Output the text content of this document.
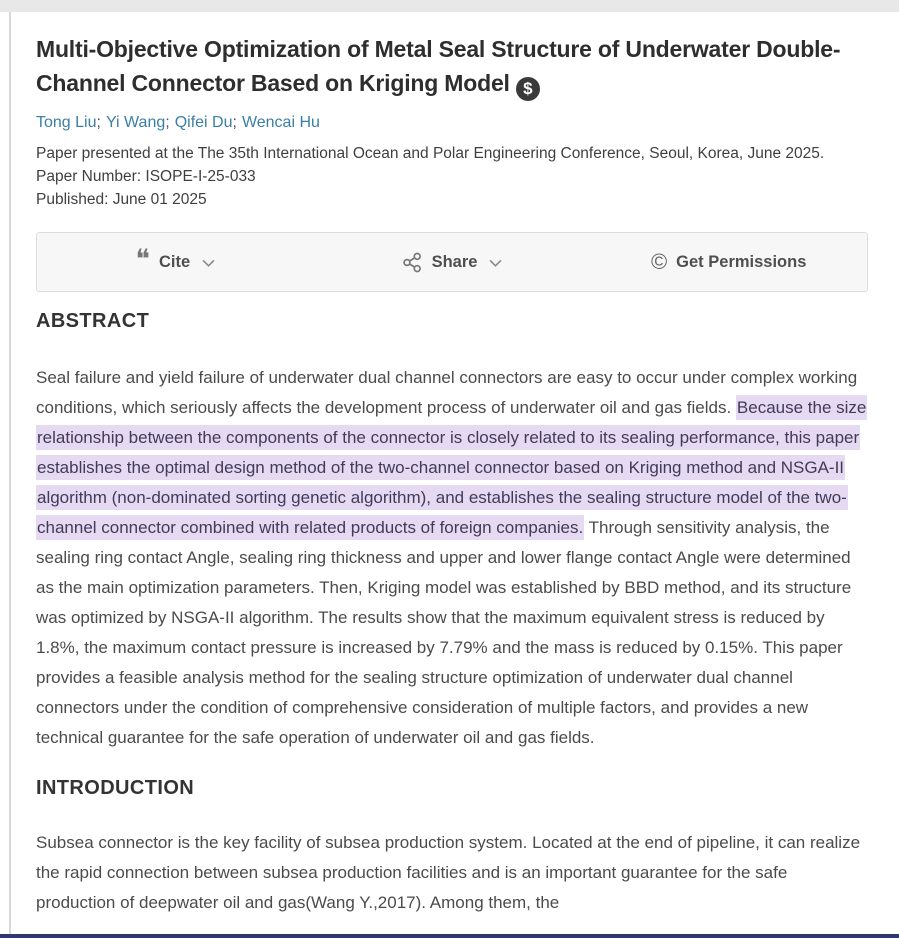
Multi-Objective Optimization of Metal Seal Structure of Underwater Double-Channel Connector Based on Kriging Model $
Tong Liu; Yi Wang; Qifei Du; Wencai Hu
Paper presented at the The 35th International Ocean and Polar Engineering Conference, Seoul, Korea, June 2025.
Paper Number: ISOPE-I-25-033
Published: June 01 2025
❝ Cite	Share	© Get Permissions
ABSTRACT

Seal failure and yield failure of underwater dual channel connectors are easy to occur under complex working conditions, which seriously affects the development process of underwater oil and gas fields. Because the size relationship between the components of the connector is closely related to its sealing performance, this paper establishes the optimal design method of the two-channel connector based on Kriging method and NSGA-II algorithm (non-dominated sorting genetic algorithm), and establishes the sealing structure model of the two-channel connector combined with related products of foreign companies. Through sensitivity analysis, the sealing ring contact Angle, sealing ring thickness and upper and lower flange contact Angle were determined as the main optimization parameters. Then, Kriging model was established by BBD method, and its structure was optimized by NSGA-II algorithm. The results show that the maximum equivalent stress is reduced by 1.8%, the maximum contact pressure is increased by 7.79% and the mass is reduced by 0.15%. This paper provides a feasible analysis method for the sealing structure optimization of underwater dual channel connectors under the condition of comprehensive consideration of multiple factors, and provides a new technical guarantee for the safe operation of underwater oil and gas fields.

INTRODUCTION

Subsea connector is the key facility of subsea production system. Located at the end of pipeline, it can realize the rapid connection between subsea production facilities and is an important guarantee for the safe production of deepwater oil and gas(Wang Y.,2017). Among them, the
